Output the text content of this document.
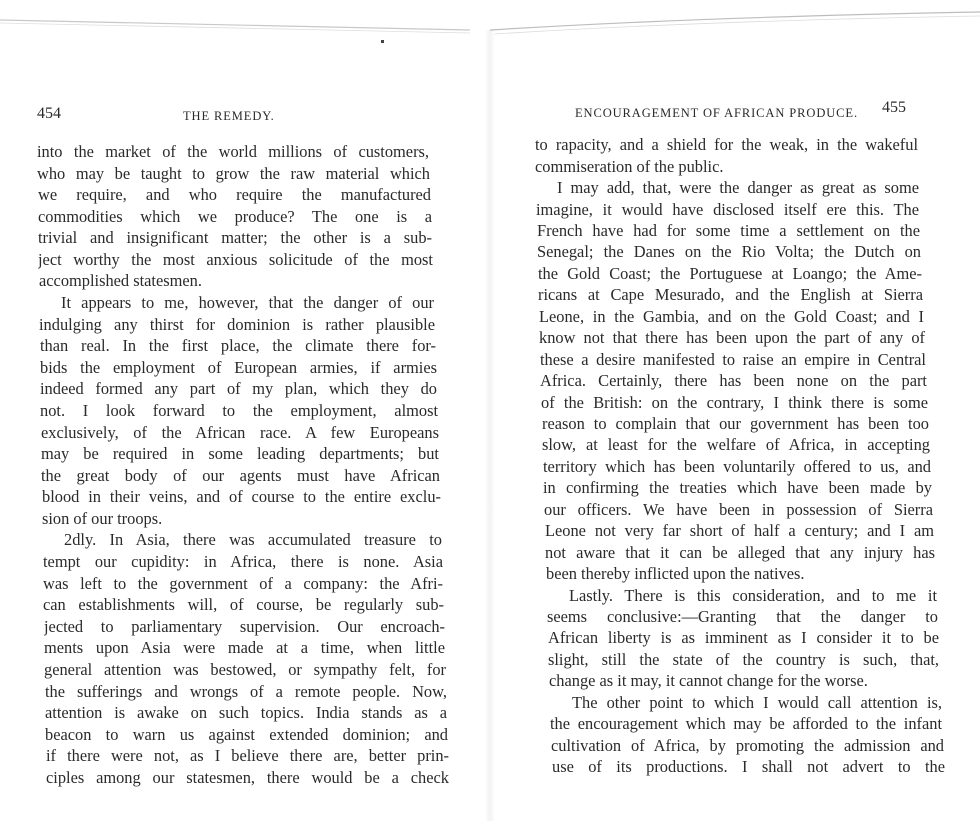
454	THE REMEDY.
into the market of the world millions of customers,
who may be taught to grow the raw material which
we require, and who require the manufactured
commodities which we produce? The one is a
trivial and insignificant matter; the other is a sub-
ject worthy the most anxious solicitude of the most
accomplished statesmen.
It appears to me, however, that the danger of our
indulging any thirst for dominion is rather plausible
than real. In the first place, the climate there for-
bids the employment of European armies, if armies
indeed formed any part of my plan, which they do
not. I look forward to the employment, almost
exclusively, of the African race. A few Europeans
may be required in some leading departments; but
the great body of our agents must have African
blood in their veins, and of course to the entire exclu-
sion of our troops.
2dly. In Asia, there was accumulated treasure to
tempt our cupidity: in Africa, there is none. Asia
was left to the government of a company: the Afri-
can establishments will, of course, be regularly sub-
jected to parliamentary supervision. Our encroach-
ments upon Asia were made at a time, when little
general attention was bestowed, or sympathy felt, for
the sufferings and wrongs of a remote people. Now,
attention is awake on such topics. India stands as a
beacon to warn us against extended dominion; and
if there were not, as I believe there are, better prin-
ciples among our statesmen, there would be a check
ENCOURAGEMENT OF AFRICAN PRODUCE. 455
to rapacity, and a shield for the weak, in the wakeful
commiseration of the public.
I may add, that, were the danger as great as some
imagine, it would have disclosed itself ere this. The
French have had for some time a settlement on the
Senegal; the Danes on the Rio Volta; the Dutch on
the Gold Coast; the Portuguese at Loango; the Ame-
ricans at Cape Mesurado, and the English at Sierra
Leone, in the Gambia, and on the Gold Coast; and I
know not that there has been upon the part of any of
these a desire manifested to raise an empire in Central
Africa. Certainly, there has been none on the part
of the British: on the contrary, I think there is some
reason to complain that our government has been too
slow, at least for the welfare of Africa, in accepting
territory which has been voluntarily offered to us, and
in confirming the treaties which have been made by
our officers. We have been in possession of Sierra
Leone not very far short of half a century; and I am
not aware that it can be alleged that any injury has
been thereby inflicted upon the natives.
Lastly. There is this consideration, and to me it
seems conclusive:—Granting that the danger to
African liberty is as imminent as I consider it to be
slight, still the state of the country is such, that,
change as it may, it cannot change for the worse.
The other point to which I would call attention is,
the encouragement which may be afforded to the infant
cultivation of Africa, by promoting the admission and
use of its productions. I shall not advert to the
